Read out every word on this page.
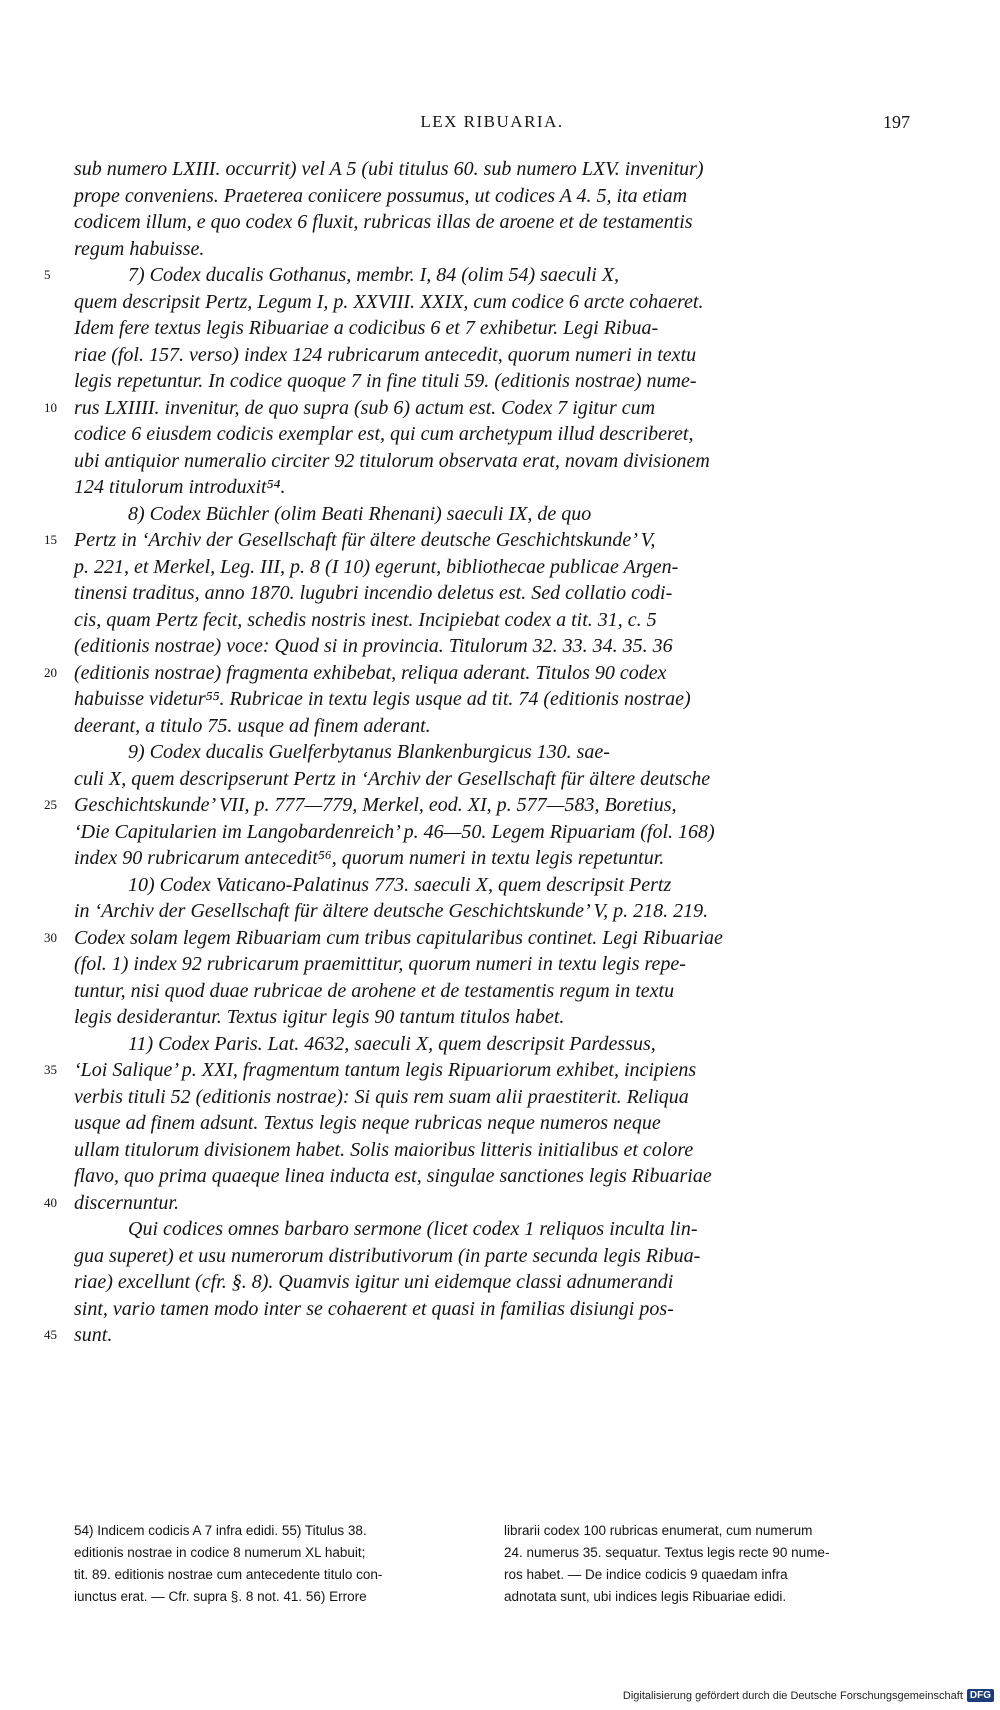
LEX RIBUARIA.	197
sub numero LXIII. occurrit) vel A 5 (ubi titulus 60. sub numero LXV. invenitur)
prope conveniens. Praeterea coniicere possumus, ut codices A 4. 5, ita etiam
codicem illum, e quo codex 6 fluxit, rubricas illas de aroene et de testamentis
regum habuisse.
5	7) Codex ducalis Gothanus, membr. I, 84 (olim 54) saeculi X,
quem descripsit Pertz, Legum I, p. XXVIII. XXIX, cum codice 6 arcte cohaeret.
Idem fere textus legis Ribuariae a codicibus 6 et 7 exhibetur. Legi Ribua-
riae (fol. 157. verso) index 124 rubricarum antecedit, quorum numeri in textu
legis repetuntur. In codice quoque 7 in fine tituli 59. (editionis nostrae) nume-
10 rus LXIIII. invenitur, de quo supra (sub 6) actum est. Codex 7 igitur cum
codice 6 eiusdem codicis exemplar est, qui cum archetypum illud describeret,
ubi antiquior numeralio circiter 92 titulorum observata erat, novam divisionem
124 titulorum introduxit⁵⁴.
8) Codex Büchler (olim Beati Rhenani) saeculi IX, de quo
15 Pertz in ‘Archiv der Gesellschaft für ältere deutsche Geschichtskunde’ V,
p. 221, et Merkel, Leg. III, p. 8 (I 10) egerunt, bibliothecae publicae Argen-
tinensi traditus, anno 1870. lugubri incendio deletus est. Sed collatio codi-
cis, quam Pertz fecit, schedis nostris inest. Incipiebat codex a tit. 31, c. 5
(editionis nostrae) voce: Quod si in provincia. Titulorum 32. 33. 34. 35. 36
20 (editionis nostrae) fragmenta exhibebat, reliqua aderant. Titulos 90 codex
habuisse videtur⁵⁵. Rubricae in textu legis usque ad tit. 74 (editionis nostrae)
deerant, a titulo 75. usque ad finem aderant.
9) Codex ducalis Guelferbytanus Blankenburgicus 130. sae-
culi X, quem descripserunt Pertz in ‘Archiv der Gesellschaft für ältere deutsche
25 Geschichtskunde’ VII, p. 777—779, Merkel, eod. XI, p. 577—583, Boretius,
‘Die Capitularien im Langobardenreich’ p. 46—50. Legem Ripuariam (fol. 168)
index 90 rubricarum antecedit⁵⁶, quorum numeri in textu legis repetuntur.
10) Codex Vaticano-Palatinus 773. saeculi X, quem descripsit Pertz
in ‘Archiv der Gesellschaft für ältere deutsche Geschichtskunde’ V, p. 218. 219.
30 Codex solam legem Ribuariam cum tribus capitularibus continet. Legi Ribuariae
(fol. 1) index 92 rubricarum praemittitur, quorum numeri in textu legis repe-
tuntur, nisi quod duae rubricae de arohene et de testamentis regum in textu
legis desiderantur. Textus igitur legis 90 tantum titulos habet.
11) Codex Paris. Lat. 4632, saeculi X, quem descripsit Pardessus,
35 ‘Loi Salique’ p. XXI, fragmentum tantum legis Ripuariorum exhibet, incipiens
verbis tituli 52 (editionis nostrae): Si quis rem suam alii praestiterit. Reliqua
usque ad finem adsunt. Textus legis neque rubricas neque numeros neque
ullam titulorum divisionem habet. Solis maioribus litteris initialibus et colore
flavo, quo prima quaeque linea inducta est, singulae sanctiones legis Ribuariae
40 discernuntur.
Qui codices omnes barbaro sermone (licet codex 1 reliquos inculta lin-
gua superet) et usu numerorum distributivorum (in parte secunda legis Ribua-
riae) excellunt (cfr. §. 8). Quamvis igitur uni eidemque classi adnumerandi
sint, vario tamen modo inter se cohaerent et quasi in familias disiungi pos-
45 sunt.
54) Indicem codicis A 7 infra edidi. 55) Titulus 38.
editionis nostrae in codice 8 numerum XL habuit;
tit. 89. editionis nostrae cum antecedente titulo con-
iunctus erat. — Cfr. supra §. 8 not. 41. 56) Errore
librarii codex 100 rubricas enumerat, cum numerum
24. numerus 35. sequatur. Textus legis recte 90 nume-
ros habet. — De indice codicis 9 quaedam infra
adnotata sunt, ubi indices legis Ribuariae edidi.
Digitalisierung gefördert durch die Deutsche Forschungsgemeinschaft DFG
